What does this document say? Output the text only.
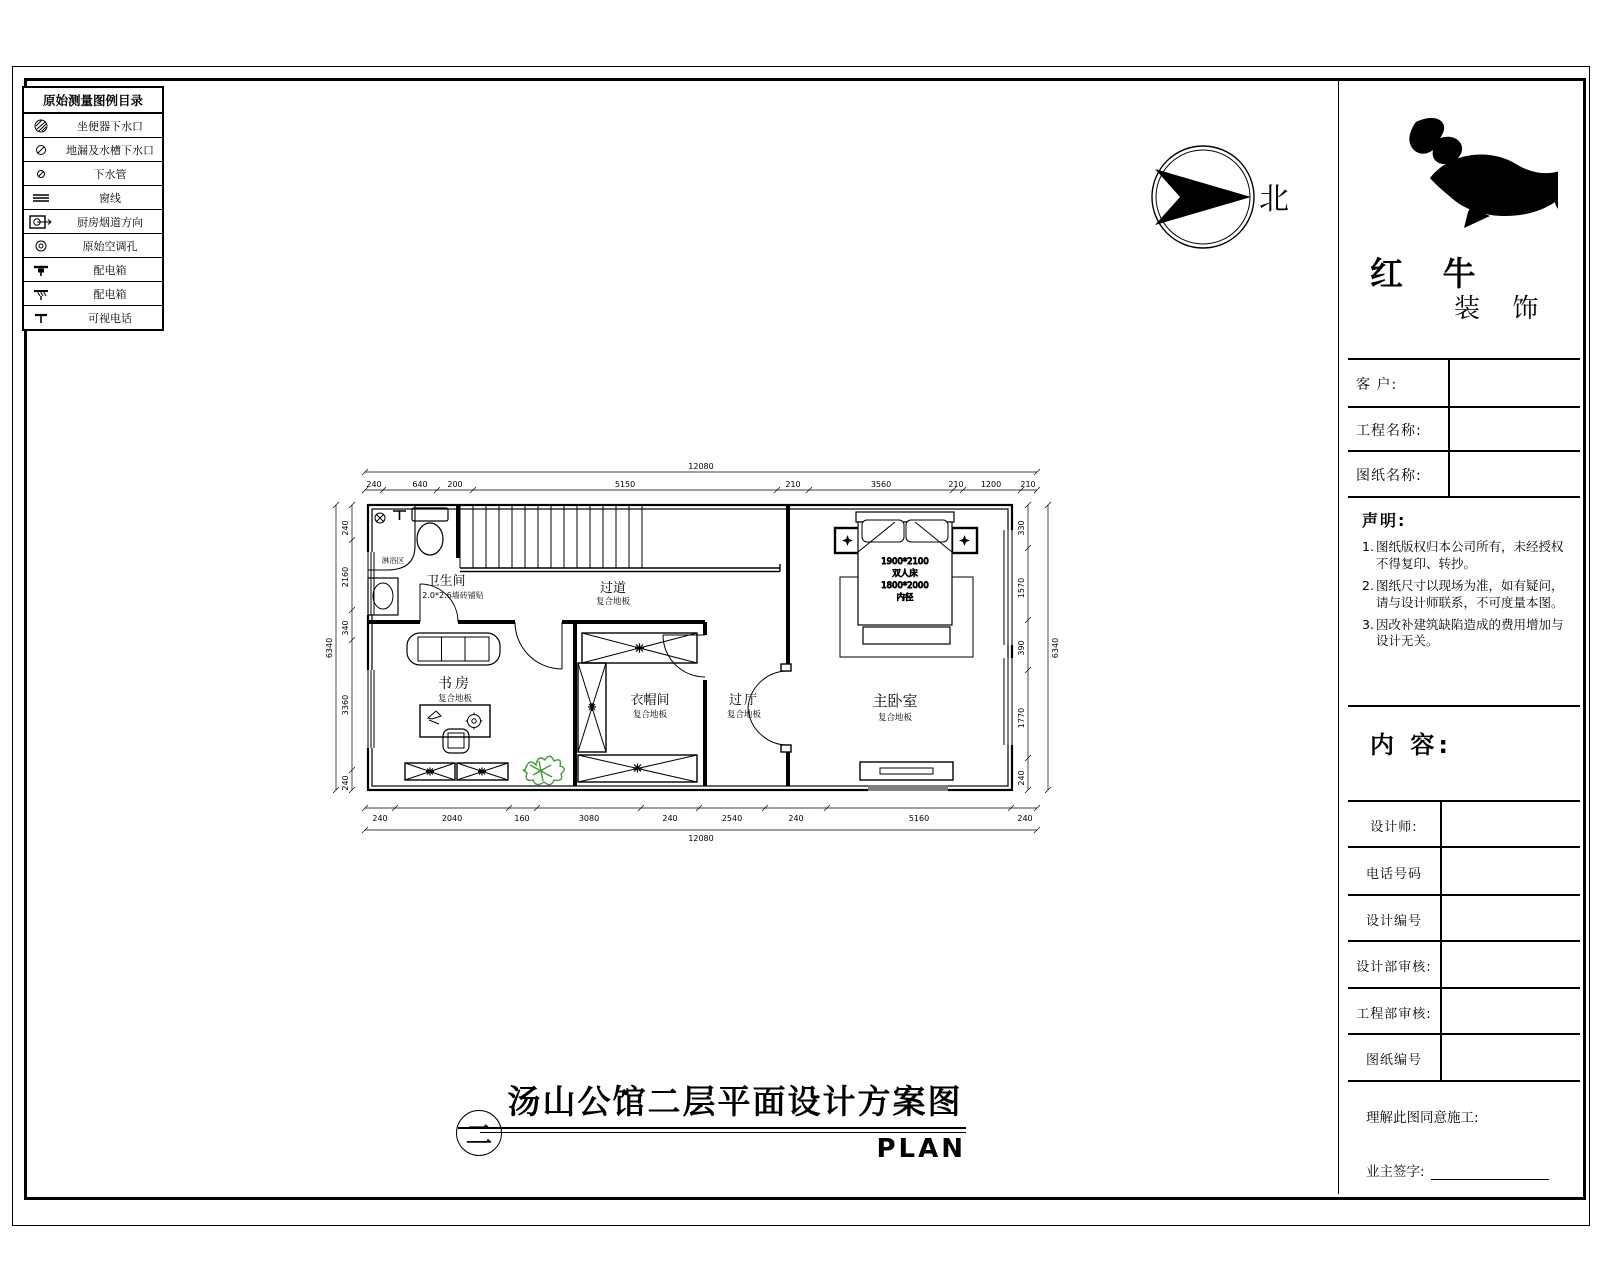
原始测量图例目录
坐便器下水口
地漏及水槽下水口
下水管
窗线
厨房烟道方向
原始空调孔
配电箱
配电箱
可视电话
北
红 牛
装 饰
客 户:
工程名称:
图纸名称:
声明:
1. 图纸版权归本公司所有，未经授权不得复印、转抄。
2. 图纸尺寸以现场为准，如有疑问，请与设计师联系，不可度量本图。
3. 因改补建筑缺陷造成的费用增加与设计无关。
内 容:
设计师:
电话号码
设计编号
设计部审核:
工程部审核:
图纸编号
理解此图同意施工:
业主签字:
淋浴区	1900*2100
双人床
1800*2000
内径
卫生间
2.0*2.6墙砖铺贴	过道
复合地板
书房
复合地板	衣帽间
复合地板
过厅
复合地板
主卧室
复合地板
12080
240	640 200	5150	210	3560	210 1200 210
240	2040	160	3080	240	2540	240	5160	240
12080
240
2160
340
3360
240
6340
330
1570
390
1770
240
6340
二
汤山公馆二层平面设计方案图
PLAN
